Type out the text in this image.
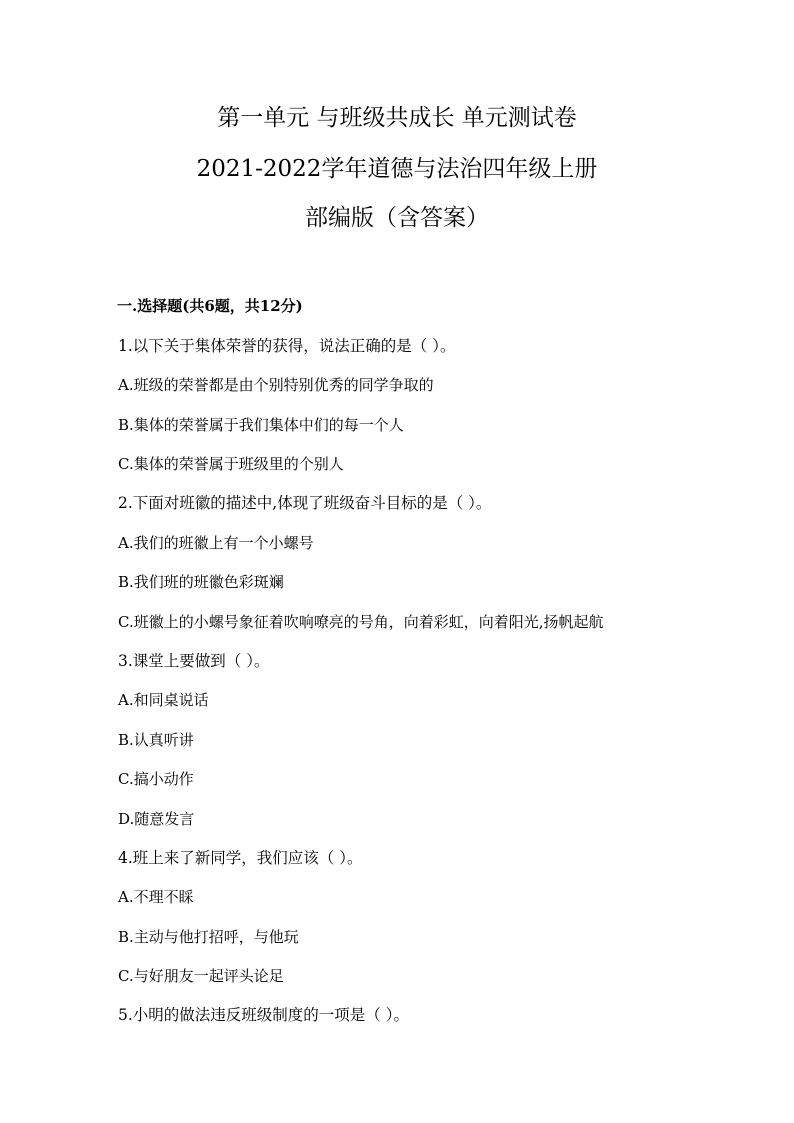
第一单元 与班级共成长 单元测试卷
2021-2022学年道德与法治四年级上册
部编版（含答案）
一.选择题(共6题，共12分)
1.以下关于集体荣誉的获得，说法正确的是（ ）。
A.班级的荣誉都是由个别特别优秀的同学争取的
B.集体的荣誉属于我们集体中们的每一个人
C.集体的荣誉属于班级里的个别人
2.下面对班徽的描述中,体现了班级奋斗目标的是（ ）。
A.我们的班徽上有一个小螺号
B.我们班的班徽色彩斑斓
C.班徽上的小螺号象征着吹响嘹亮的号角，向着彩虹，向着阳光,扬帆起航
3.课堂上要做到（ ）。
A.和同桌说话
B.认真听讲
C.搞小动作
D.随意发言
4.班上来了新同学，我们应该（ ）。
A.不理不睬
B.主动与他打招呼，与他玩
C.与好朋友一起评头论足
5.小明的做法违反班级制度的一项是（ ）。
